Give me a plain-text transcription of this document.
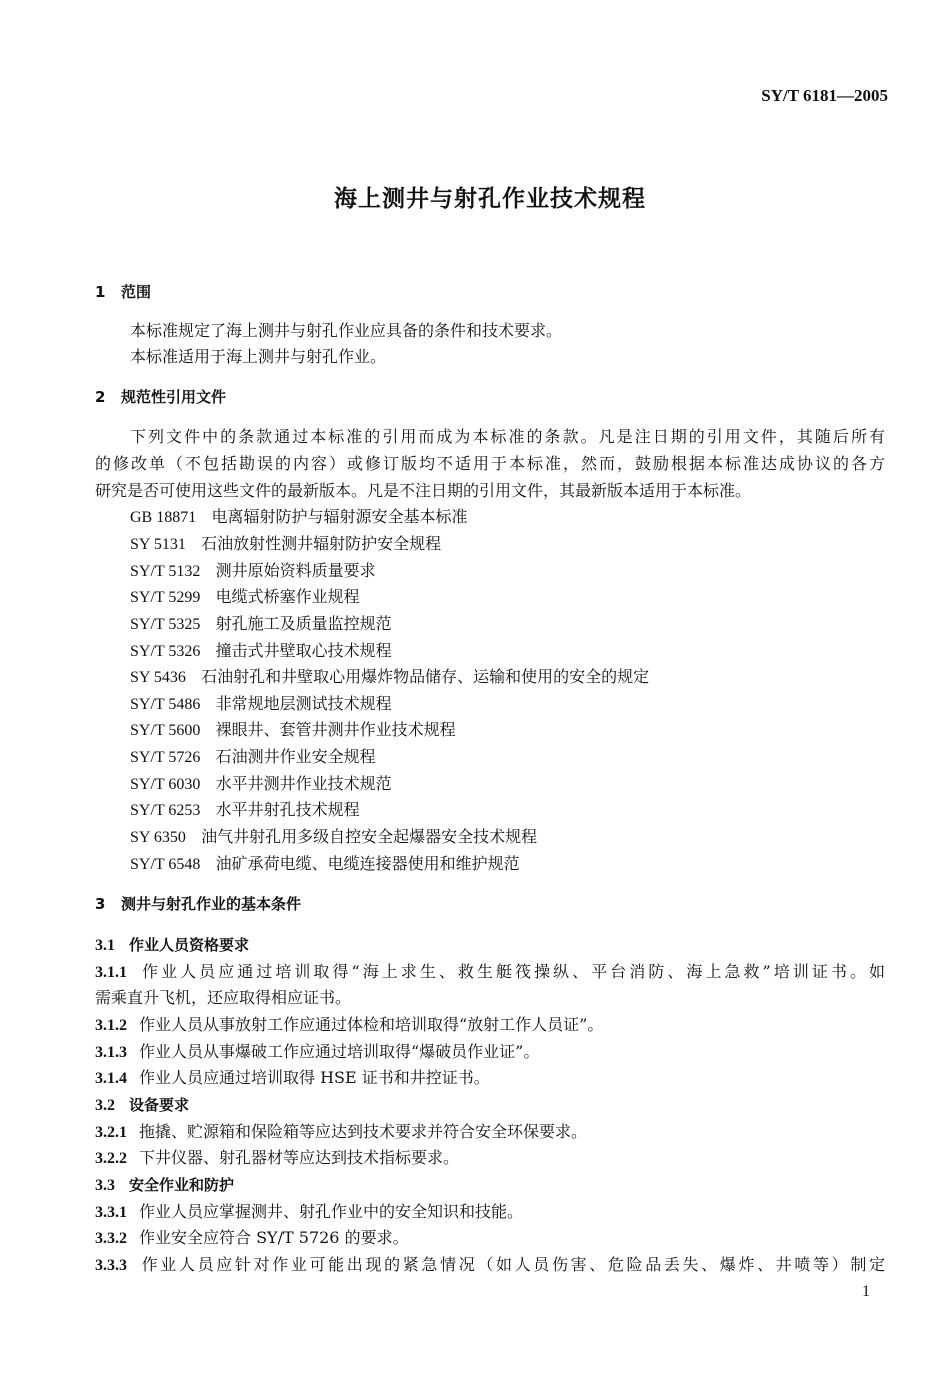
SY/T 6181—2005
海上测井与射孔作业技术规程
1 范围
本标准规定了海上测井与射孔作业应具备的条件和技术要求。
本标准适用于海上测井与射孔作业。
2 规范性引用文件
下列文件中的条款通过本标准的引用而成为本标准的条款。凡是注日期的引用文件，其随后所有
的修改单（不包括勘误的内容）或修订版均不适用于本标准，然而，鼓励根据本标准达成协议的各方
研究是否可使用这些文件的最新版本。凡是不注日期的引用文件，其最新版本适用于本标准。
GB 18871 电离辐射防护与辐射源安全基本标准
SY 5131 石油放射性测井辐射防护安全规程
SY/T 5132 测井原始资料质量要求
SY/T 5299 电缆式桥塞作业规程
SY/T 5325 射孔施工及质量监控规范
SY/T 5326 撞击式井壁取心技术规程
SY 5436 石油射孔和井壁取心用爆炸物品储存、运输和使用的安全的规定
SY/T 5486 非常规地层测试技术规程
SY/T 5600 裸眼井、套管井测井作业技术规程
SY/T 5726 石油测井作业安全规程
SY/T 6030 水平井测井作业技术规范
SY/T 6253 水平井射孔技术规程
SY 6350 油气井射孔用多级自控安全起爆器安全技术规程
SY/T 6548 油矿承荷电缆、电缆连接器使用和维护规范
3 测井与射孔作业的基本条件
3.1 作业人员资格要求
3.1.1 作业人员应通过培训取得“海上求生、救生艇筏操纵、平台消防、海上急救”培训证书。如
需乘直升飞机，还应取得相应证书。
3.1.2 作业人员从事放射工作应通过体检和培训取得“放射工作人员证”。
3.1.3 作业人员从事爆破工作应通过培训取得“爆破员作业证”。
3.1.4 作业人员应通过培训取得 HSE 证书和井控证书。
3.2 设备要求
3.2.1 拖撬、贮源箱和保险箱等应达到技术要求并符合安全环保要求。
3.2.2 下井仪器、射孔器材等应达到技术指标要求。
3.3 安全作业和防护
3.3.1 作业人员应掌握测井、射孔作业中的安全知识和技能。
3.3.2 作业安全应符合 SY/T 5726 的要求。
3.3.3 作业人员应针对作业可能出现的紧急情况（如人员伤害、危险品丢失、爆炸、井喷等）制定
1
